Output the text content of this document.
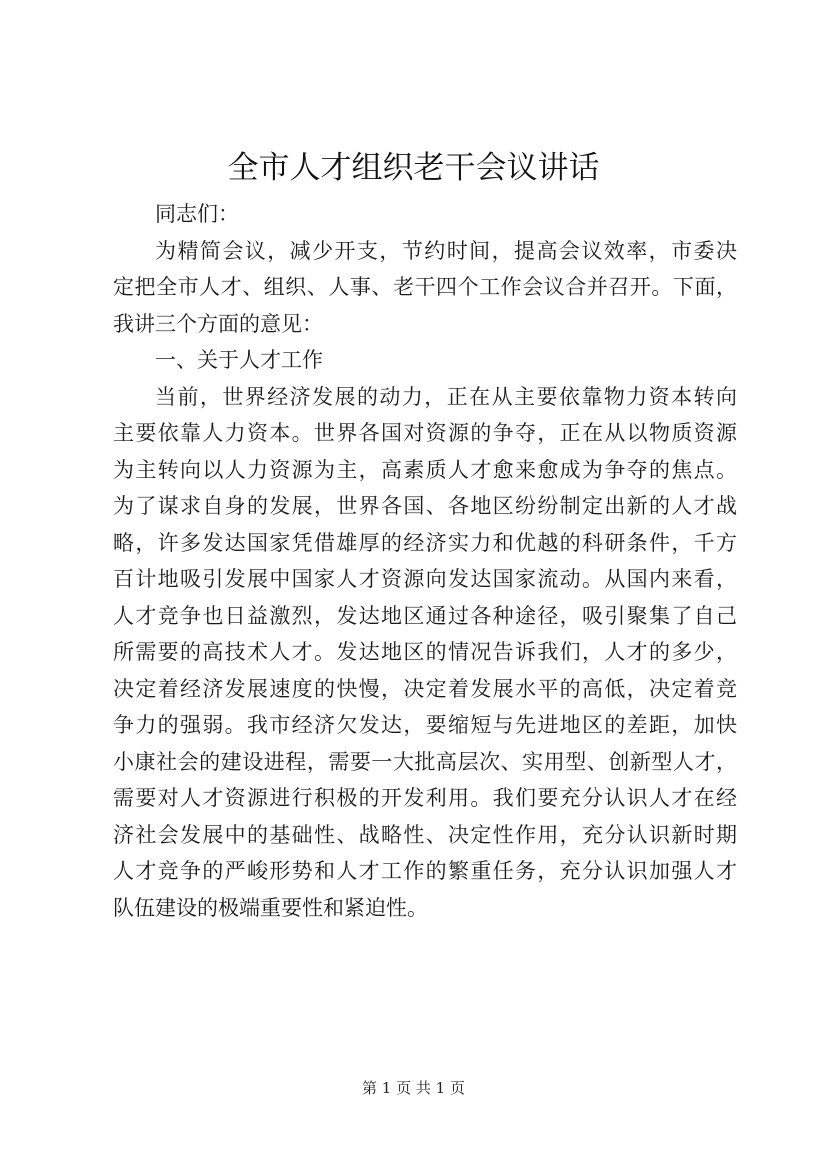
全市人才组织老干会议讲话
同志们：
为精简会议，减少开支，节约时间，提高会议效率，市委决
定把全市人才、组织、人事、老干四个工作会议合并召开。下面，
我讲三个方面的意见：
一、关于人才工作
当前，世界经济发展的动力，正在从主要依靠物力资本转向
主要依靠人力资本。世界各国对资源的争夺，正在从以物质资源
为主转向以人力资源为主，高素质人才愈来愈成为争夺的焦点。
为了谋求自身的发展，世界各国、各地区纷纷制定出新的人才战
略，许多发达国家凭借雄厚的经济实力和优越的科研条件，千方
百计地吸引发展中国家人才资源向发达国家流动。从国内来看，
人才竞争也日益激烈，发达地区通过各种途径，吸引聚集了自己
所需要的高技术人才。发达地区的情况告诉我们，人才的多少，
决定着经济发展速度的快慢，决定着发展水平的高低，决定着竞
争力的强弱。我市经济欠发达，要缩短与先进地区的差距，加快
小康社会的建设进程，需要一大批高层次、实用型、创新型人才，
需要对人才资源进行积极的开发利用。我们要充分认识人才在经
济社会发展中的基础性、战略性、决定性作用，充分认识新时期
人才竞争的严峻形势和人才工作的繁重任务，充分认识加强人才
队伍建设的极端重要性和紧迫性。
第 1 页 共 1 页
